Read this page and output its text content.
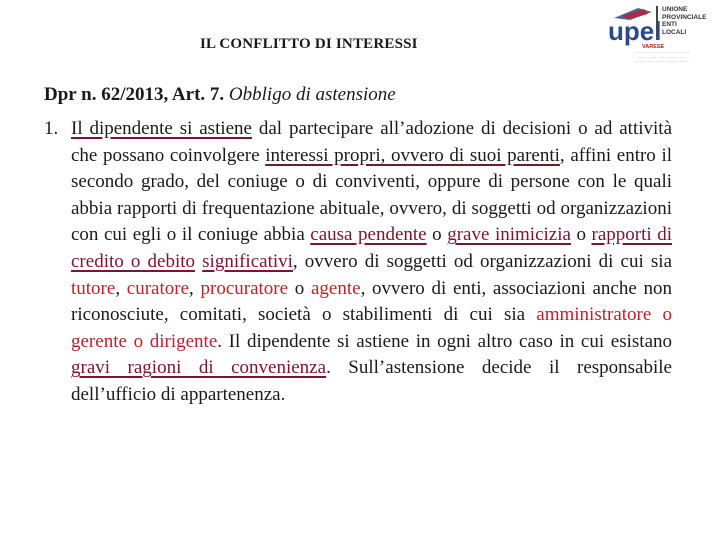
IL CONFLITTO DI INTERESSI	upel
UNIONE
PROVINCIALE
ENTI
LOCALI
VARESE
··· ·········· ········· ······· · ····· ···· ····
······· ········ ········ ········· ······
········ ········ ········ ·········· ·········
Dpr n. 62/2013, Art. 7. Obbligo di astensione
1. Il dipendente si astiene dal partecipare all’adozione di decisioni o ad attività che possano coinvolgere interessi propri, ovvero di suoi parenti, affini entro il secondo grado, del coniuge o di conviventi, oppure di persone con le quali abbia rapporti di frequentazione abituale, ovvero, di soggetti od organizzazioni con cui egli o il coniuge abbia causa pendente o grave inimicizia o rapporti di credito o debito significativi, ovvero di soggetti od organizzazioni di cui sia tutore, curatore, procuratore o agente, ovvero di enti, associazioni anche non riconosciute, comitati, società o stabilimenti di cui sia amministratore o gerente o dirigente. Il dipendente si astiene in ogni altro caso in cui esistano gravi ragioni di convenienza. Sull’astensione decide il responsabile dell’ufficio di appartenenza.
